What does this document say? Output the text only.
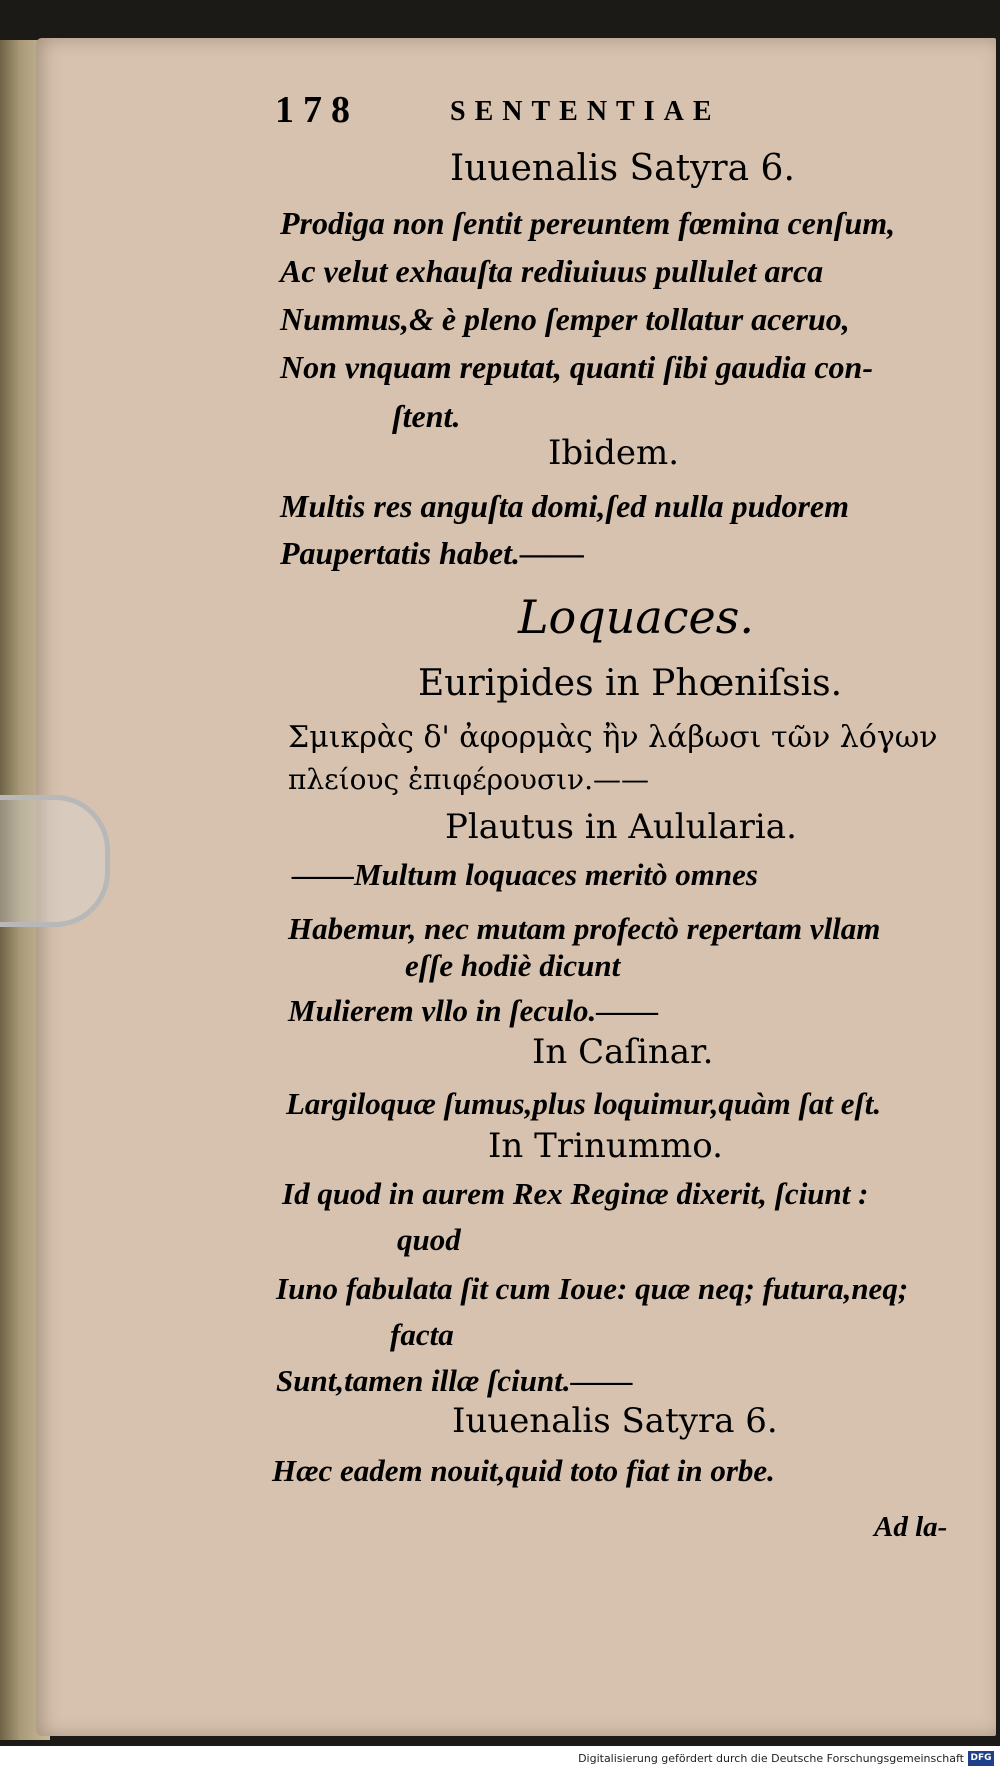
178	SENTENTIAE
Iuuenalis Satyra 6.
Prodiga non ſentit pereuntem fœmina cenſum,
Ac velut exhauſta rediuiuus pullulet arca
Nummus,& è pleno ſemper tollatur aceruo,
Non vnquam reputat, quanti ſibi gaudia con-
ſtent.
Ibidem.
Multis res anguſta domi,ſed nulla pudorem
Paupertatis habet.——
Loquaces.
Euripides in Phœniſsis.
Σμικρὰς δ' ἀφορμὰς ἢν λάβωσι τῶν λόγων
πλείους ἐπιφέρουσιν.——
Plautus in Aulularia.
——Multum loquaces meritò omnes
Habemur, nec mutam profectò repertam vllam
eſſe hodiè dicunt
Mulierem vllo in ſeculo.——
In Caſinar.
Largiloquæ ſumus,plus loquimur,quàm ſat eſt.
In Trinummo.
Id quod in aurem Rex Reginæ dixerit, ſciunt :
quod
Iuno fabulata ſit cum Ioue: quæ neq; futura,neq;
facta
Sunt,tamen illæ ſciunt.——
Iuuenalis Satyra 6.
Hæc eadem nouit,quid toto fiat in orbe.
Ad la-
Digitalisierung gefördert durch die Deutsche Forschungsgemeinschaft DFG
